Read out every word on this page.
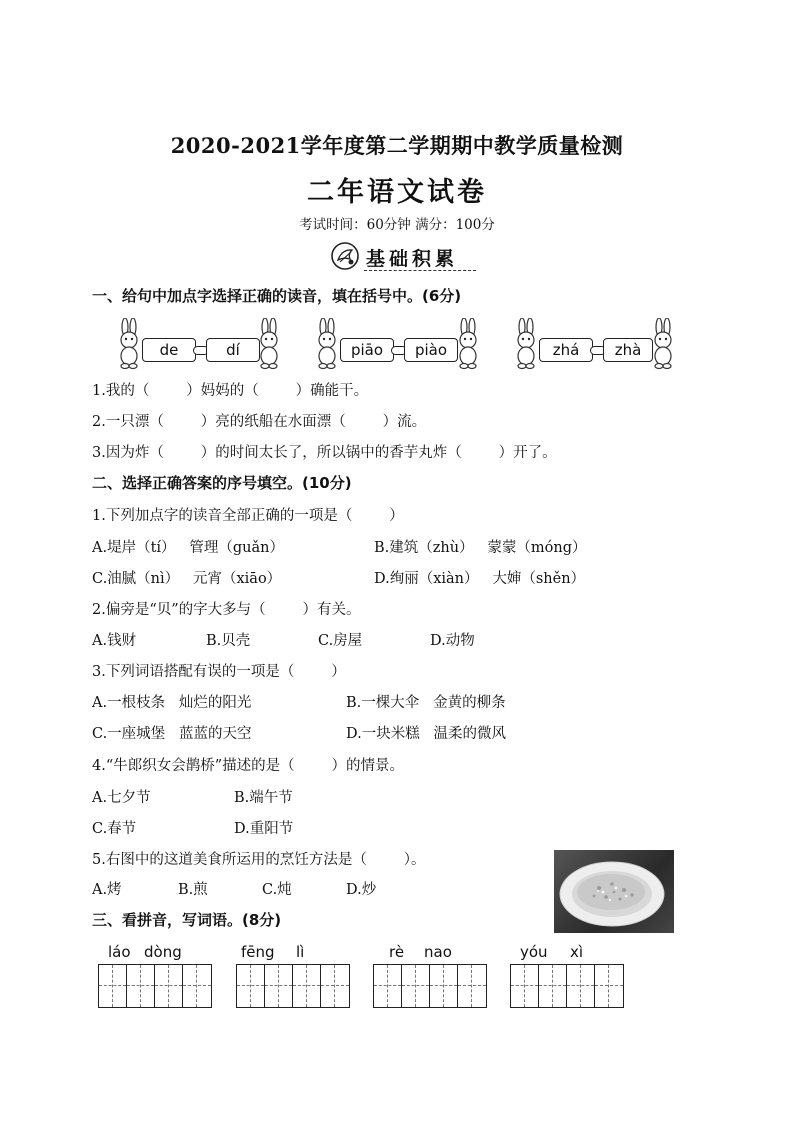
2020-2021学年度第二学期期中教学质量检测
二年语文试卷
考试时间：60分钟 满分：100分
基础积累
一、给句中加点字选择正确的读音，填在括号中。(6分)
de	dí	piāo	piào	zhá	zhà
1.我的（        ）妈妈的（        ）确能干。
2.一只漂（        ）亮的纸船在水面漂（        ）流。
3.因为炸（        ）的时间太长了，所以锅中的香芋丸炸（        ）开了。
二、选择正确答案的序号填空。(10分)
1.下列加点字的读音全部正确的一项是（        ）
A.堤岸（tí）   管理（guǎn）	B.建筑（zhù）   蒙蒙（móng）
C.油腻（nì）   元宵（xiāo）	D.绚丽（xiàn）   大婶（shěn）
2.偏旁是“贝”的字大多与（        ）有关。
A.钱财	B.贝壳	C.房屋	D.动物
3.下列词语搭配有误的一项是（        ）
A.一根枝条   灿烂的阳光	B.一棵大伞   金黄的柳条
C.一座城堡   蓝蓝的天空	D.一块米糕   温柔的微风
4.“牛郎织女会鹊桥”描述的是（        ）的情景。
A.七夕节	B.端午节
C.春节	D.重阳节
5.右图中的这道美食所运用的烹饪方法是（        ）。
A.烤	B.煎	C.炖	D.炒
三、看拼音，写词语。(8分)
láo dòng	fēng lì	rè nao	yóu xì
